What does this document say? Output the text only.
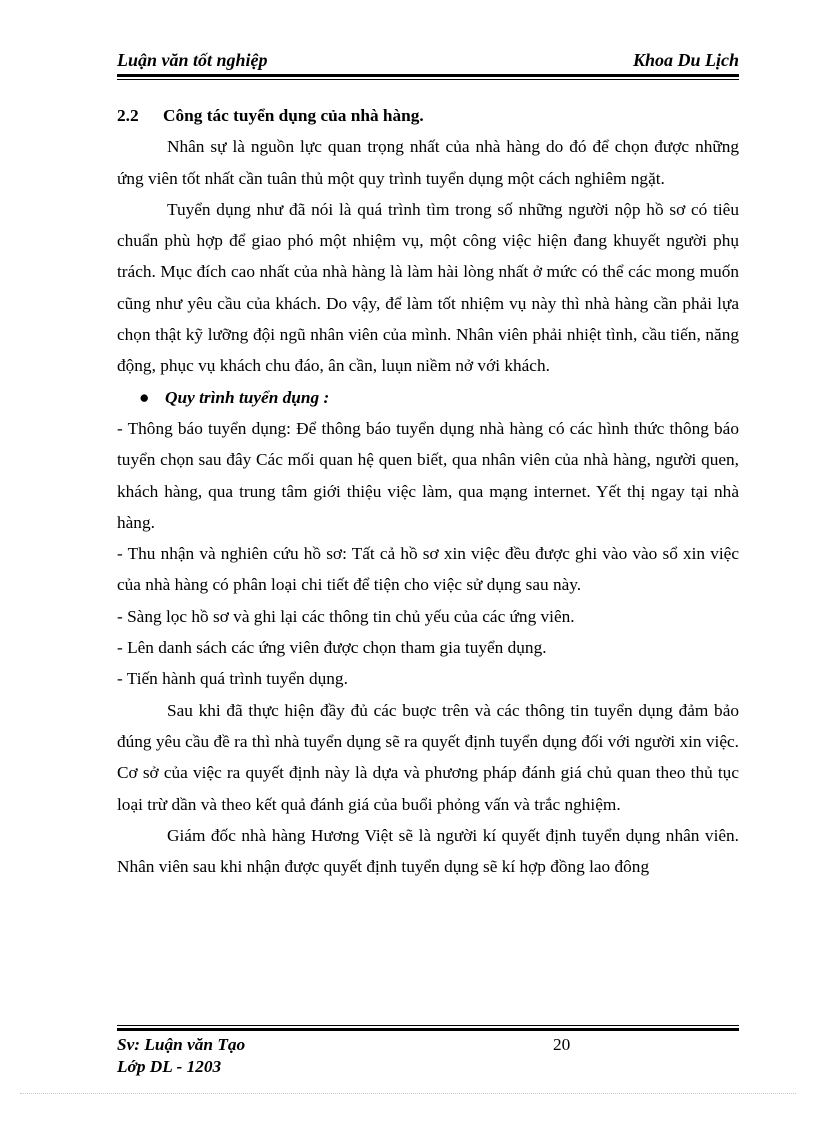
Luận văn tốt nghiệp	Khoa Du Lịch

2.2 Công tác tuyển dụng của nhà hàng.

Nhân sự là nguồn lực quan trọng nhất của nhà hàng do đó để chọn được những ứng viên tốt nhất cần tuân thủ một quy trình tuyển dụng một cách nghiêm ngặt.

Tuyển dụng như đã nói là quá trình tìm trong số những người nộp hồ sơ có tiêu chuẩn phù hợp để giao phó một nhiệm vụ, một công việc hiện đang khuyết người phụ trách. Mục đích cao nhất của nhà hàng là làm hài lòng nhất ở mức có thể các mong muốn cũng như yêu cầu của khách. Do vậy, để làm tốt nhiệm vụ này thì nhà hàng cần phải lựa chọn thật kỹ lưỡng đội ngũ nhân viên của mình. Nhân viên phải nhiệt tình, cầu tiến, năng động, phục vụ khách chu đáo, ân cần, luụn niềm nở với khách.

● Quy trình tuyển dụng :

- Thông báo tuyển dụng: Để thông báo tuyển dụng nhà hàng có các hình thức thông báo tuyển chọn sau đây Các mối quan hệ quen biết, qua nhân viên của nhà hàng, người quen, khách hàng, qua trung tâm giới thiệu việc làm, qua mạng internet. Yết thị ngay tại nhà hàng.

- Thu nhận và nghiên cứu hồ sơ: Tất cả hồ sơ xin việc đều được ghi vào vào sổ xin việc của nhà hàng có phân loại chi tiết để tiện cho việc sử dụng sau này.

- Sàng lọc hồ sơ và ghi lại các thông tin chủ yếu của các ứng viên.

- Lên danh sách các ứng viên được chọn tham gia tuyển dụng.

- Tiến hành quá trình tuyển dụng.

Sau khi đã thực hiện đầy đủ các buợc trên và các thông tin tuyển dụng đảm bảo đúng yêu cầu đề ra thì nhà tuyển dụng sẽ ra quyết định tuyển dụng đối với người xin việc. Cơ sở của việc ra quyết định này là dựa và phương pháp đánh giá chủ quan theo thủ tục loại trừ dần và theo kết quả đánh giá của buổi phỏng vấn và trắc nghiệm.

Giám đốc nhà hàng Hương Việt sẽ là người kí quyết định tuyển dụng nhân viên. Nhân viên sau khi nhận được quyết định tuyển dụng sẽ kí hợp đồng lao đông

Sv: Luận văn Tạo	20
Lớp DL - 1203
